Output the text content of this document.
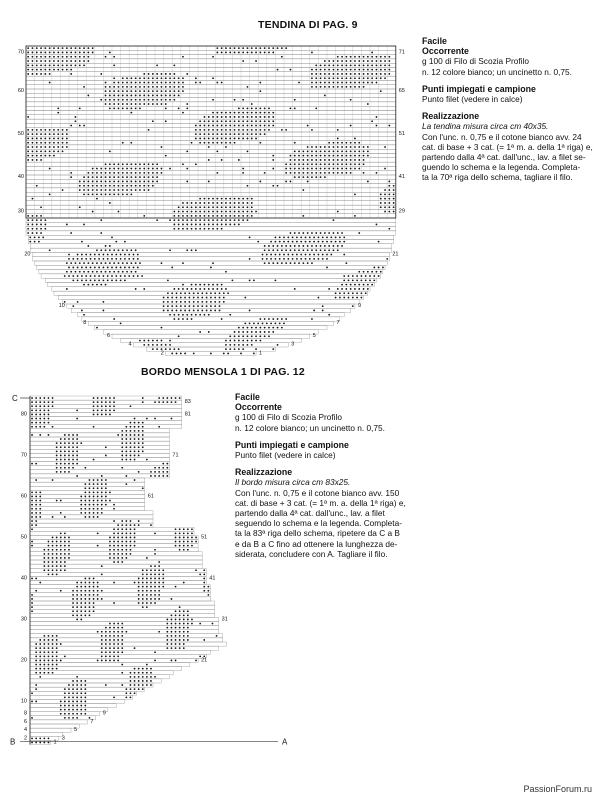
TENDINA DI PAG. 9
70
60
50
40
30
20
10
8
6
4
2
71
65
51
41
29
21
9
7
5
3
1
Facile
Occorrente
g 100 di Filo di Scozia Profilo
n. 12 colore bianco; un uncinetto n. 0,75.
Punti impiegati e campione
Punto filet (vedere in calce)
Realizzazione
La tendina misura circa cm 40x35.
Con l'unc. n. 0,75 e il cotone bianco avv. 24
cat. di base + 3 cat. (= 1ª m. a. della 1ª riga) e,
partendo dalla 4ª cat. dall'unc., lav. a filet se-
guendo lo schema e la legenda. Completa-
ta la 70ª riga dello schema, tagliare il filo.
BORDO MENSOLA 1 DI PAG. 12
80
70
60
50
40
30
20
10
8
6
4
2
83
81
71
61
51
41
31
21
9
7
5
3
1
C
B	A
Facile
Occorrente
g 100 di Filo di Scozia Profilo
n. 12 colore bianco; un uncinetto n. 0,75.
Punti impiegati e campione
Punto filet (vedere in calce)
Realizzazione
Il bordo misura circa cm 83x25.
Con l'unc. n. 0,75 e il cotone bianco avv. 150
cat. di base + 3 cat. (= 1ª m. a. della 1ª riga) e,
partendo dalla 4ª cat. dall'unc., lav. a filet
seguendo lo schema e la legenda. Completa-
ta la 83ª riga dello schema, ripetere da C a B
e da B a C fino ad ottenere la lunghezza de-
siderata, concludere con A. Tagliare il filo.
PassionForum.ru
